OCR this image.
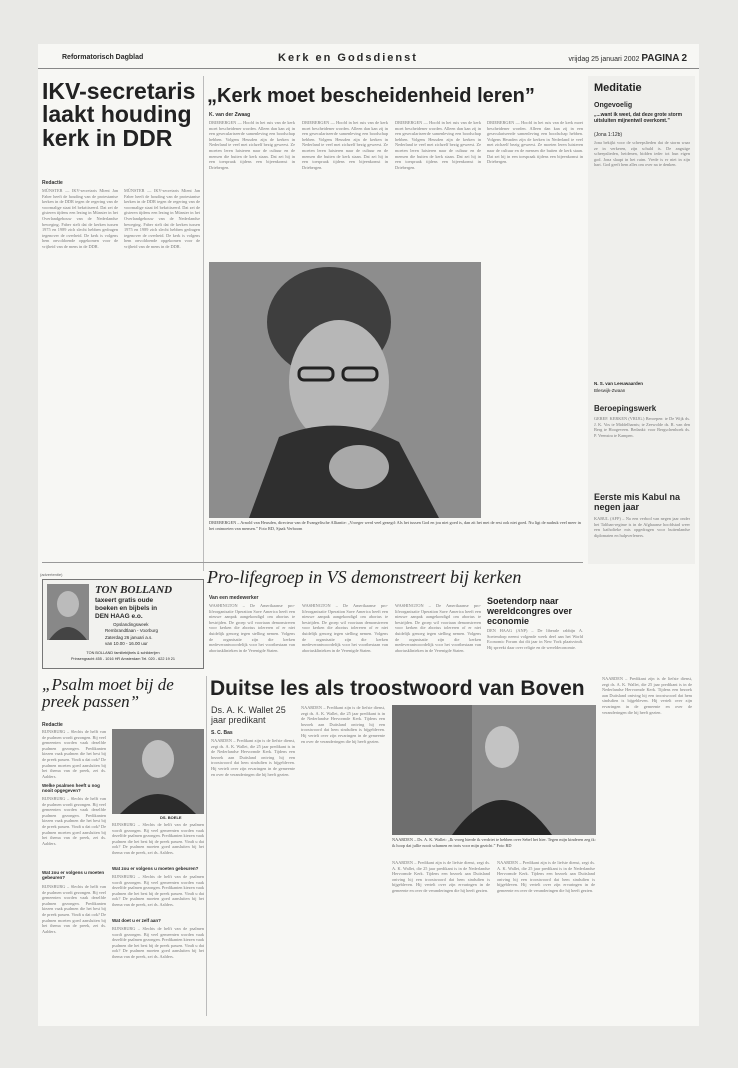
Reformatorisch Dagblad	Kerk en Godsdienst	vrijdag 25 januari 2002 PAGINA 2
IKV-secretaris laakt houding kerk in DDR
Redactie
MÜNSTER — IKV-secretaris Mient Jan Faber heeft de houding van de protestantse kerken in de DDR tegen de regering van de voormalige staat fel bekritiseerd. Dat zei de gisteren tijdens een lezing in Münster in het Overlandgebouw van de Nederlandse beweging. Faber stelt dat de kerken tussen 1975 en 1989 zich slecht hebben gedragen tegenover de overheid. De kerk is volgens hem onvoldoende opgekomen voor de vrijheid van de mens in de DDR.
MÜNSTER — IKV-secretaris Mient Jan Faber heeft de houding van de protestantse kerken in de DDR tegen de regering van de voormalige staat fel bekritiseerd. Dat zei de gisteren tijdens een lezing in Münster in het Overlandgebouw van de Nederlandse beweging. Faber stelt dat de kerken tussen 1975 en 1989 zich slecht hebben gedragen tegenover de overheid. De kerk is volgens hem onvoldoende opgekomen voor de vrijheid van de mens in de DDR.
„Kerk moet bescheidenheid leren”
K. van der Zwaag
DRIEBERGEN — Hoofd in het ruis van de kerk moet bescheidener worden. Alleen dan kan zij in een geseculariseerde samenleving een boodschap hebben. Volgens Heusden zijn de kerken in Nederland te veel met zichzelf bezig geweest. Ze moeten leren luisteren naar de cultuur en de mensen die buiten de kerk staan. Dat zei hij in een toespraak tijdens een bijeenkomst in Driebergen.
DRIEBERGEN — Hoofd in het ruis van de kerk moet bescheidener worden. Alleen dan kan zij in een geseculariseerde samenleving een boodschap hebben. Volgens Heusden zijn de kerken in Nederland te veel met zichzelf bezig geweest. Ze moeten leren luisteren naar de cultuur en de mensen die buiten de kerk staan. Dat zei hij in een toespraak tijdens een bijeenkomst in Driebergen.
DRIEBERGEN — Hoofd in het ruis van de kerk moet bescheidener worden. Alleen dan kan zij in een geseculariseerde samenleving een boodschap hebben. Volgens Heusden zijn de kerken in Nederland te veel met zichzelf bezig geweest. Ze moeten leren luisteren naar de cultuur en de mensen die buiten de kerk staan. Dat zei hij in een toespraak tijdens een bijeenkomst in Driebergen.
DRIEBERGEN — Hoofd in het ruis van de kerk moet bescheidener worden. Alleen dan kan zij in een geseculariseerde samenleving een boodschap hebben. Volgens Heusden zijn de kerken in Nederland te veel met zichzelf bezig geweest. Ze moeten leren luisteren naar de cultuur en de mensen die buiten de kerk staan. Dat zei hij in een toespraak tijdens een bijeenkomst in Driebergen.
DRIEBERGEN – Arnold van Heusden, directeur van de Evangelische Alliantie: „Vroeger werd veel gezegd: Als het tussen God en jou niet goed is, dan zit het met de rest ook niet goed. Nu ligt de nadruk veel meer in het ontmoeten van mensen.” Foto RD, Sjaak Verboom
Pro-lifegroep in VS demonstreert bij kerken
Van een medewerker
WASHINGTON – De Amerikaanse pro-lifeorganisatie Operation Save America heeft een nieuwe aanpak aangekondigd om abortus te bestrijden. De groep wil voortaan demonstreren voor kerken die abortus tolereren of er niet duidelijk genoeg tegen stelling nemen. Volgens de organisatie zijn die kerken medeverantwoordelijk voor het voortbestaan van abortusklinieken in de Verenigde Staten.
WASHINGTON – De Amerikaanse pro-lifeorganisatie Operation Save America heeft een nieuwe aanpak aangekondigd om abortus te bestrijden. De groep wil voortaan demonstreren voor kerken die abortus tolereren of er niet duidelijk genoeg tegen stelling nemen. Volgens de organisatie zijn die kerken medeverantwoordelijk voor het voortbestaan van abortusklinieken in de Verenigde Staten.
WASHINGTON – De Amerikaanse pro-lifeorganisatie Operation Save America heeft een nieuwe aanpak aangekondigd om abortus te bestrijden. De groep wil voortaan demonstreren voor kerken die abortus tolereren of er niet duidelijk genoeg tegen stelling nemen. Volgens de organisatie zijn die kerken medeverantwoordelijk voor het voortbestaan van abortusklinieken in de Verenigde Staten.
Soetendorp naar wereldcongres over economie
DEN HAAG (ANP) – De liberale rabbijn A. Soetendorp neemt volgende week deel aan het World Economic Forum dat dit jaar in New York plaatsvindt. Hij spreekt daar over religie en de wereldeconomie.
(advertentie)
TON BOLLAND
taxeert gratis oude
boeken en bijbels in
DEN HAAG e.o.
Opslandingsweek
Rembrandtlaan - Voorburg
Zaterdag 26 januari a.s.
van 10.00 - 16.00 uur
TON BOLLAND familiebijbels & schilderijen
Prinsengracht 455 - 1016 HR Amsterdam Tel. 020 - 622 19 21
„Psalm moet bij de preek passen”
Redactie
RIJNSBURG – Slechts de helft van de psalmen wordt gezongen. Bij veel gemeenten worden vaak dezelfde psalmen gezongen. Predikanten kiezen vaak psalmen die het best bij de preek passen. Vindt u dat ook? De psalmen moeten goed aansluiten bij het thema van de preek, zei ds. Aalders.
Welke psalmen heeft u nog nooit opgegeven?
RIJNSBURG – Slechts de helft van de psalmen wordt gezongen. Bij veel gemeenten worden vaak dezelfde psalmen gezongen. Predikanten kiezen vaak psalmen die het best bij de preek passen. Vindt u dat ook? De psalmen moeten goed aansluiten bij het thema van de preek, zei ds. Aalders.
Wat zou er volgens u moeten gebeuren?
RIJNSBURG – Slechts de helft van de psalmen wordt gezongen. Bij veel gemeenten worden vaak dezelfde psalmen gezongen. Predikanten kiezen vaak psalmen die het best bij de preek passen. Vindt u dat ook? De psalmen moeten goed aansluiten bij het thema van de preek, zei ds. Aalders.
DS. BOELE
RIJNSBURG – Slechts de helft van de psalmen wordt gezongen. Bij veel gemeenten worden vaak dezelfde psalmen gezongen. Predikanten kiezen vaak psalmen die het best bij de preek passen. Vindt u dat ook? De psalmen moeten goed aansluiten bij het thema van de preek, zei ds. Aalders.
Wat zou er volgens u moeten gebeuren?
RIJNSBURG – Slechts de helft van de psalmen wordt gezongen. Bij veel gemeenten worden vaak dezelfde psalmen gezongen. Predikanten kiezen vaak psalmen die het best bij de preek passen. Vindt u dat ook? De psalmen moeten goed aansluiten bij het thema van de preek, zei ds. Aalders.
Wat doet u er zelf aan?
RIJNSBURG – Slechts de helft van de psalmen wordt gezongen. Bij veel gemeenten worden vaak dezelfde psalmen gezongen. Predikanten kiezen vaak psalmen die het best bij de preek passen. Vindt u dat ook? De psalmen moeten goed aansluiten bij het thema van de preek, zei ds. Aalders.
Duitse les als troostwoord van Boven
Ds. A. K. Wallet 25 jaar predikant
S. C. Bas
NAARDEN – Predikant zijn is de liefste dienst, zegt ds. A. K. Wallet, die 25 jaar predikant is in de Nederlandse Hervormde Kerk. Tijdens een bezoek aan Duitsland ontving hij een troostwoord dat hem sindsdien is bijgebleven. Hij vertelt over zijn ervaringen in de gemeente en over de veranderingen die hij heeft gezien.
NAARDEN – Predikant zijn is de liefste dienst, zegt ds. A. K. Wallet, die 25 jaar predikant is in de Nederlandse Hervormde Kerk. Tijdens een bezoek aan Duitsland ontving hij een troostwoord dat hem sindsdien is bijgebleven. Hij vertelt over zijn ervaringen in de gemeente en over de veranderingen die hij heeft gezien.
NAARDEN – Ds. A. K. Wallet: „Ik vroeg hierde ik verdriet te hebben over Sebel het hier. Tegen mijn kinderen zeg ik: ik hoop dat jullie nooit schamen en trots voor mijn gezicht.” Foto RD
NAARDEN – Predikant zijn is de liefste dienst, zegt ds. A. K. Wallet, die 25 jaar predikant is in de Nederlandse Hervormde Kerk. Tijdens een bezoek aan Duitsland ontving hij een troostwoord dat hem sindsdien is bijgebleven. Hij vertelt over zijn ervaringen in de gemeente en over de veranderingen die hij heeft gezien.
NAARDEN – Predikant zijn is de liefste dienst, zegt ds. A. K. Wallet, die 25 jaar predikant is in de Nederlandse Hervormde Kerk. Tijdens een bezoek aan Duitsland ontving hij een troostwoord dat hem sindsdien is bijgebleven. Hij vertelt over zijn ervaringen in de gemeente en over de veranderingen die hij heeft gezien.
NAARDEN – Predikant zijn is de liefste dienst, zegt ds. A. K. Wallet, die 25 jaar predikant is in de Nederlandse Hervormde Kerk. Tijdens een bezoek aan Duitsland ontving hij een troostwoord dat hem sindsdien is bijgebleven. Hij vertelt over zijn ervaringen in de gemeente en over de veranderingen die hij heeft gezien.
Meditatie
Ongevoelig
„...want ik weet, dat deze grote storm uitsluiten mijnentwil overkomt.”
(Jona 1:12b)
Jona bekijkt voor de scheepslieden dat de storm waar ze in verkeren, zijn schuld is. De angstige scheepslieden, heidenen, bidden ieder tot hun eigen god. Jona slaapt in het ruim. Vrede is er niet in zijn hart. God geeft hem alles om over na te denken.
N. S. van Leeuwaarden
Bleswijk-Zwaan
Beroepingswerk
GEREF. KERKEN (VRIJG.) Beroepen: te De Wijk ds. J. K. Vos te Middelharnis; te Zeewolde ds. R. van den Berg te Hoogeveen. Bedankt: voor Bergschenhoek ds. P. Veenstra te Kampen.
Eerste mis Kabul na negen jaar
KABUL (AFP) – Na een verbod van negen jaar onder het Taliban-regime is in de Afghaanse hoofdstad weer een katholieke mis opgedragen voor buitenlandse diplomaten en hulpverleners.
